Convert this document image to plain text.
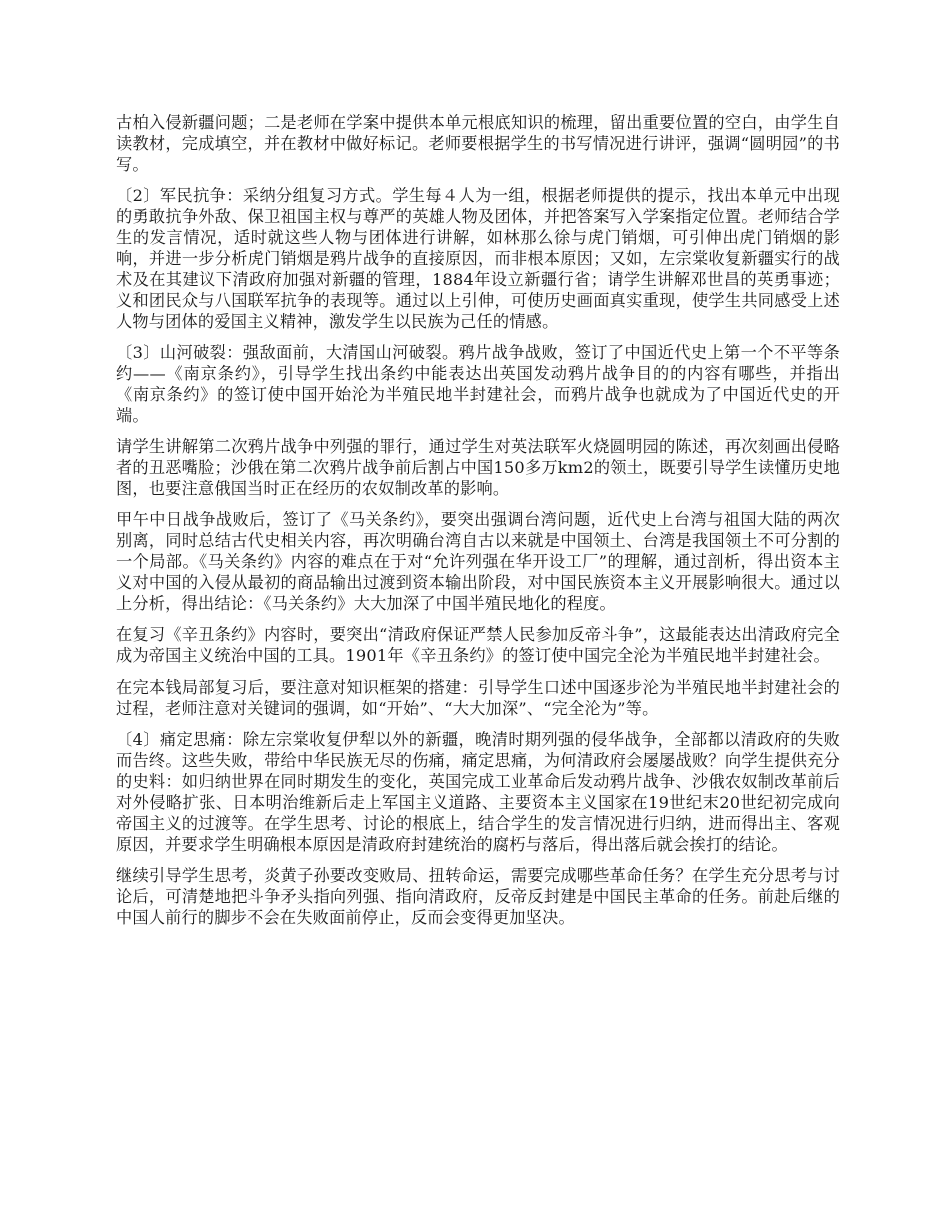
古柏入侵新疆问题；二是老师在学案中提供本单元根底知识的梳理，留出重要位置的空白，由学生自读教材，完成填空，并在教材中做好标记。老师要根据学生的书写情况进行讲评，强调“圆明园”的书写。

〔2〕军民抗争：采纳分组复习方式。学生每４人为一组，根据老师提供的提示，找出本单元中出现的勇敢抗争外敌、保卫祖国主权与尊严的英雄人物及团体，并把答案写入学案指定位置。老师结合学生的发言情况，适时就这些人物与团体进行讲解，如林那么徐与虎门销烟，可引伸出虎门销烟的影响，并进一步分析虎门销烟是鸦片战争的直接原因，而非根本原因；又如，左宗棠收复新疆实行的战术及在其建议下清政府加强对新疆的管理，1884年设立新疆行省；请学生讲解邓世昌的英勇事迹；义和团民众与八国联军抗争的表现等。通过以上引伸，可使历史画面真实重现，使学生共同感受上述人物与团体的爱国主义精神，激发学生以民族为己任的情感。

〔3〕山河破裂：强敌面前，大清国山河破裂。鸦片战争战败，签订了中国近代史上第一个不平等条约——《南京条约》，引导学生找出条约中能表达出英国发动鸦片战争目的的内容有哪些，并指出《南京条约》的签订使中国开始沦为半殖民地半封建社会，而鸦片战争也就成为了中国近代史的开端。

请学生讲解第二次鸦片战争中列强的罪行，通过学生对英法联军火烧圆明园的陈述，再次刻画出侵略者的丑恶嘴脸；沙俄在第二次鸦片战争前后割占中国150多万km2的领土，既要引导学生读懂历史地图，也要注意俄国当时正在经历的农奴制改革的影响。

甲午中日战争战败后，签订了《马关条约》，要突出强调台湾问题，近代史上台湾与祖国大陆的两次别离，同时总结古代史相关内容，再次明确台湾自古以来就是中国领土、台湾是我国领土不可分割的一个局部。《马关条约》内容的难点在于对“允许列强在华开设工厂”的理解，通过剖析，得出资本主义对中国的入侵从最初的商品输出过渡到资本输出阶段，对中国民族资本主义开展影响很大。通过以上分析，得出结论：《马关条约》大大加深了中国半殖民地化的程度。

在复习《辛丑条约》内容时，要突出“清政府保证严禁人民参加反帝斗争”，这最能表达出清政府完全成为帝国主义统治中国的工具。1901年《辛丑条约》的签订使中国完全沦为半殖民地半封建社会。

在完本钱局部复习后，要注意对知识框架的搭建：引导学生口述中国逐步沦为半殖民地半封建社会的过程，老师注意对关键词的强调，如“开始”、“大大加深”、“完全沦为”等。

〔4〕痛定思痛：除左宗棠收复伊犁以外的新疆，晚清时期列强的侵华战争，全部都以清政府的失败而告终。这些失败，带给中华民族无尽的伤痛，痛定思痛，为何清政府会屡屡战败？向学生提供充分的史料：如归纳世界在同时期发生的变化，英国完成工业革命后发动鸦片战争、沙俄农奴制改革前后对外侵略扩张、日本明治维新后走上军国主义道路、主要资本主义国家在19世纪末20世纪初完成向帝国主义的过渡等。在学生思考、讨论的根底上，结合学生的发言情况进行归纳，进而得出主、客观原因，并要求学生明确根本原因是清政府封建统治的腐朽与落后，得出落后就会挨打的结论。

继续引导学生思考，炎黄子孙要改变败局、扭转命运，需要完成哪些革命任务？在学生充分思考与讨论后，可清楚地把斗争矛头指向列强、指向清政府，反帝反封建是中国民主革命的任务。前赴后继的中国人前行的脚步不会在失败面前停止，反而会变得更加坚决。
